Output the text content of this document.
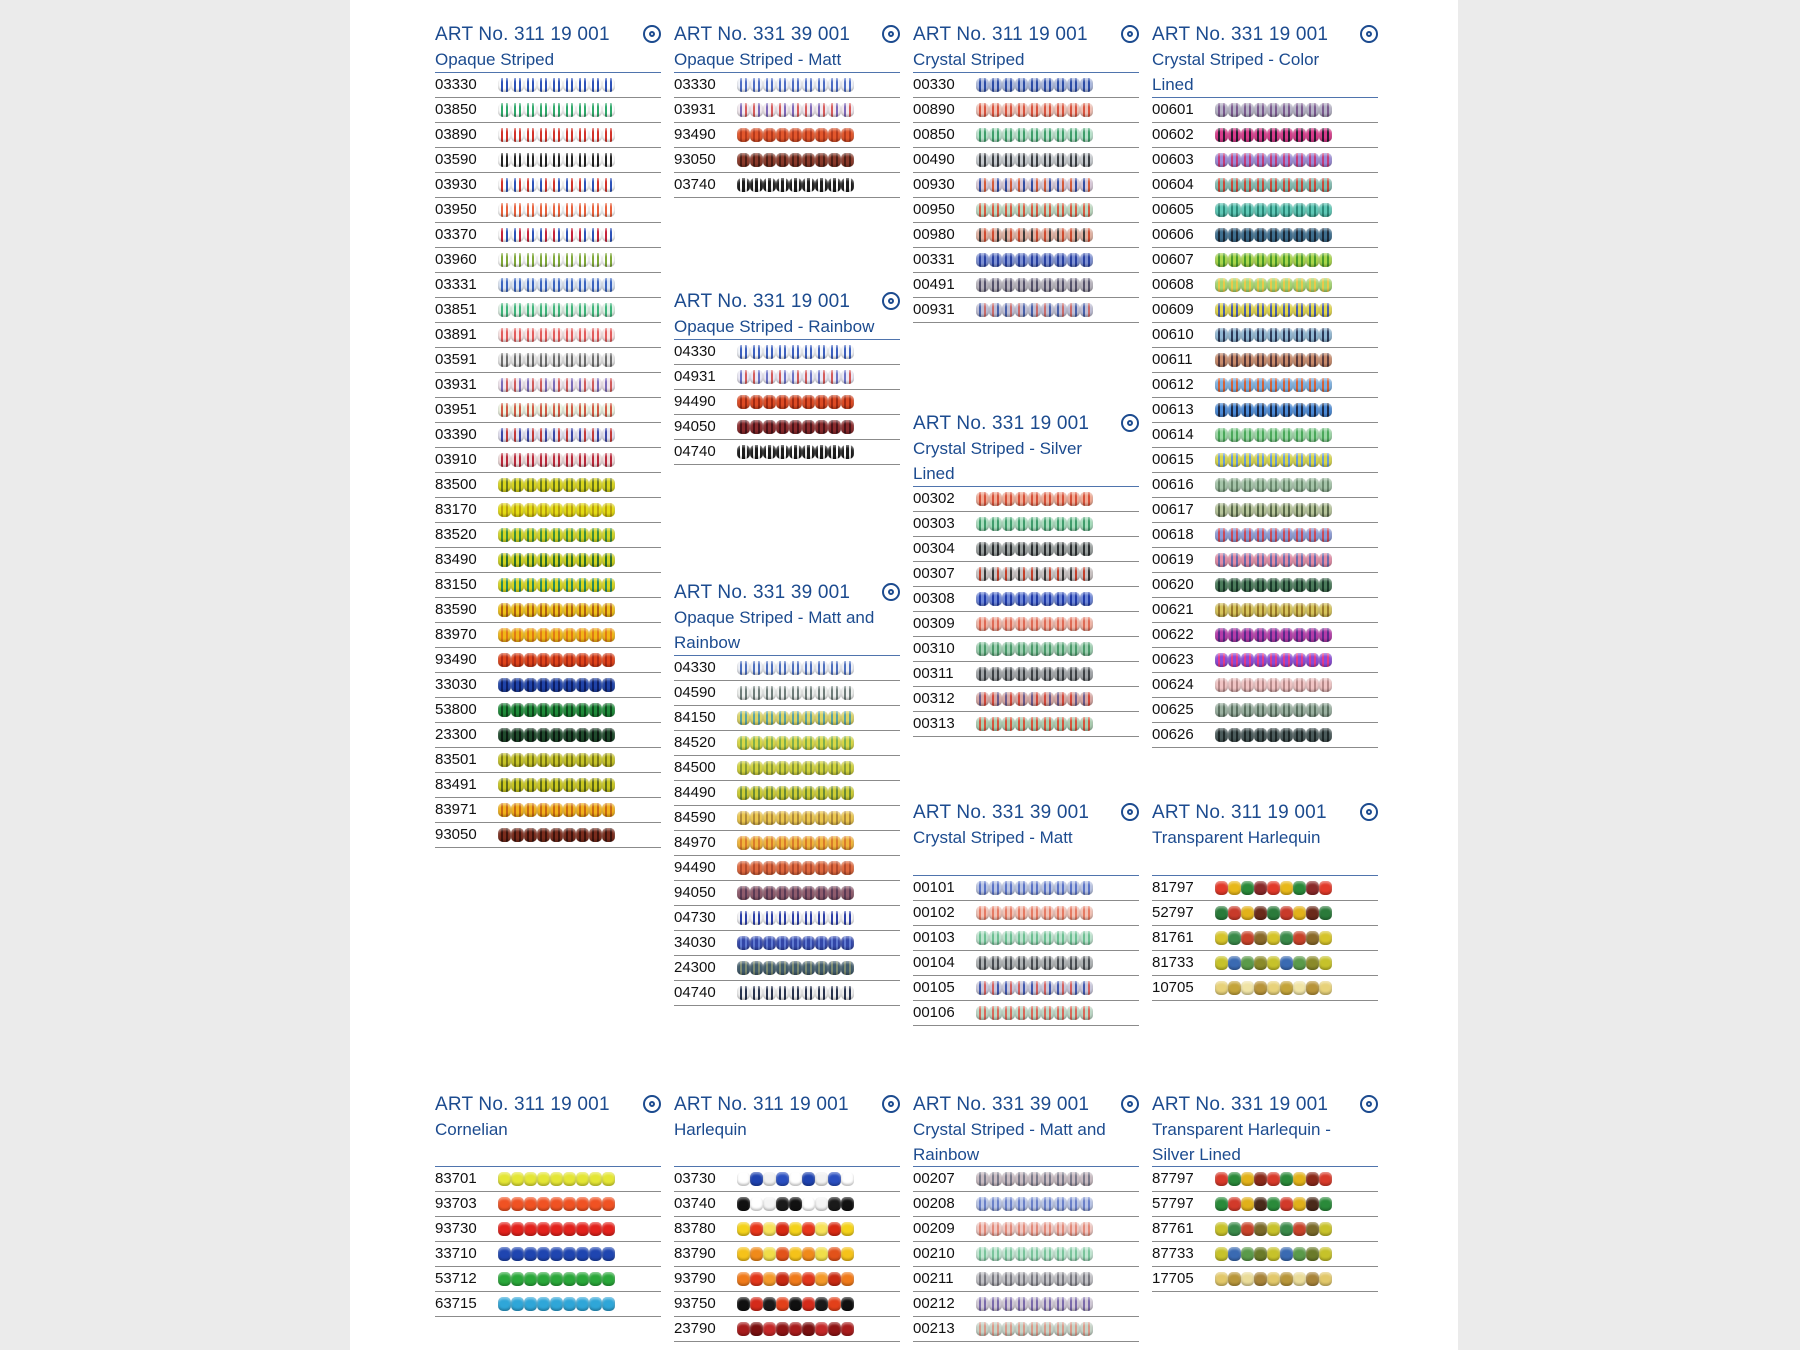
ART No. 311 19 001
Opaque Striped
03330
03850
03890
03590
03930
03950
03370
03960
03331
03851
03891
03591
03931
03951
03390
03910
83500
83170
83520
83490
83150
83590
83970
93490
33030
53800
23300
83501
83491
83971
93050
ART No. 331 39 001
Opaque Striped - Matt
03330
03931
93490
93050
03740
ART No. 331 19 001
Opaque Striped - Rainbow
04330
04931
94490
94050
04740
ART No. 331 39 001
Opaque Striped - Matt and Rainbow
04330
04590
84150
84520
84500
84490
84590
84970
94490
94050
04730
34030
24300
04740
ART No. 311 19 001
Crystal Striped
00330
00890
00850
00490
00930
00950
00980
00331
00491
00931
ART No. 331 19 001
Crystal Striped - Silver Lined
00302
00303
00304
00307
00308
00309
00310
00311
00312
00313
ART No. 331 39 001
Crystal Striped - Matt
00101
00102
00103
00104
00105
00106
ART No. 331 19 001
Crystal Striped - Color Lined
00601
00602
00603
00604
00605
00606
00607
00608
00609
00610
00611
00612
00613
00614
00615
00616
00617
00618
00619
00620
00621
00622
00623
00624
00625
00626
ART No. 311 19 001
Transparent Harlequin
81797
52797
81761
81733
10705
ART No. 311 19 001
Cornelian
83701
93703
93730
33710
53712
63715
ART No. 311 19 001
Harlequin
03730
03740
83780
83790
93790
93750
23790
ART No. 331 39 001
Crystal Striped - Matt and Rainbow
00207
00208
00209
00210
00211
00212
00213
ART No. 331 19 001
Transparent Harlequin - Silver Lined
87797
57797
87761
87733
17705
